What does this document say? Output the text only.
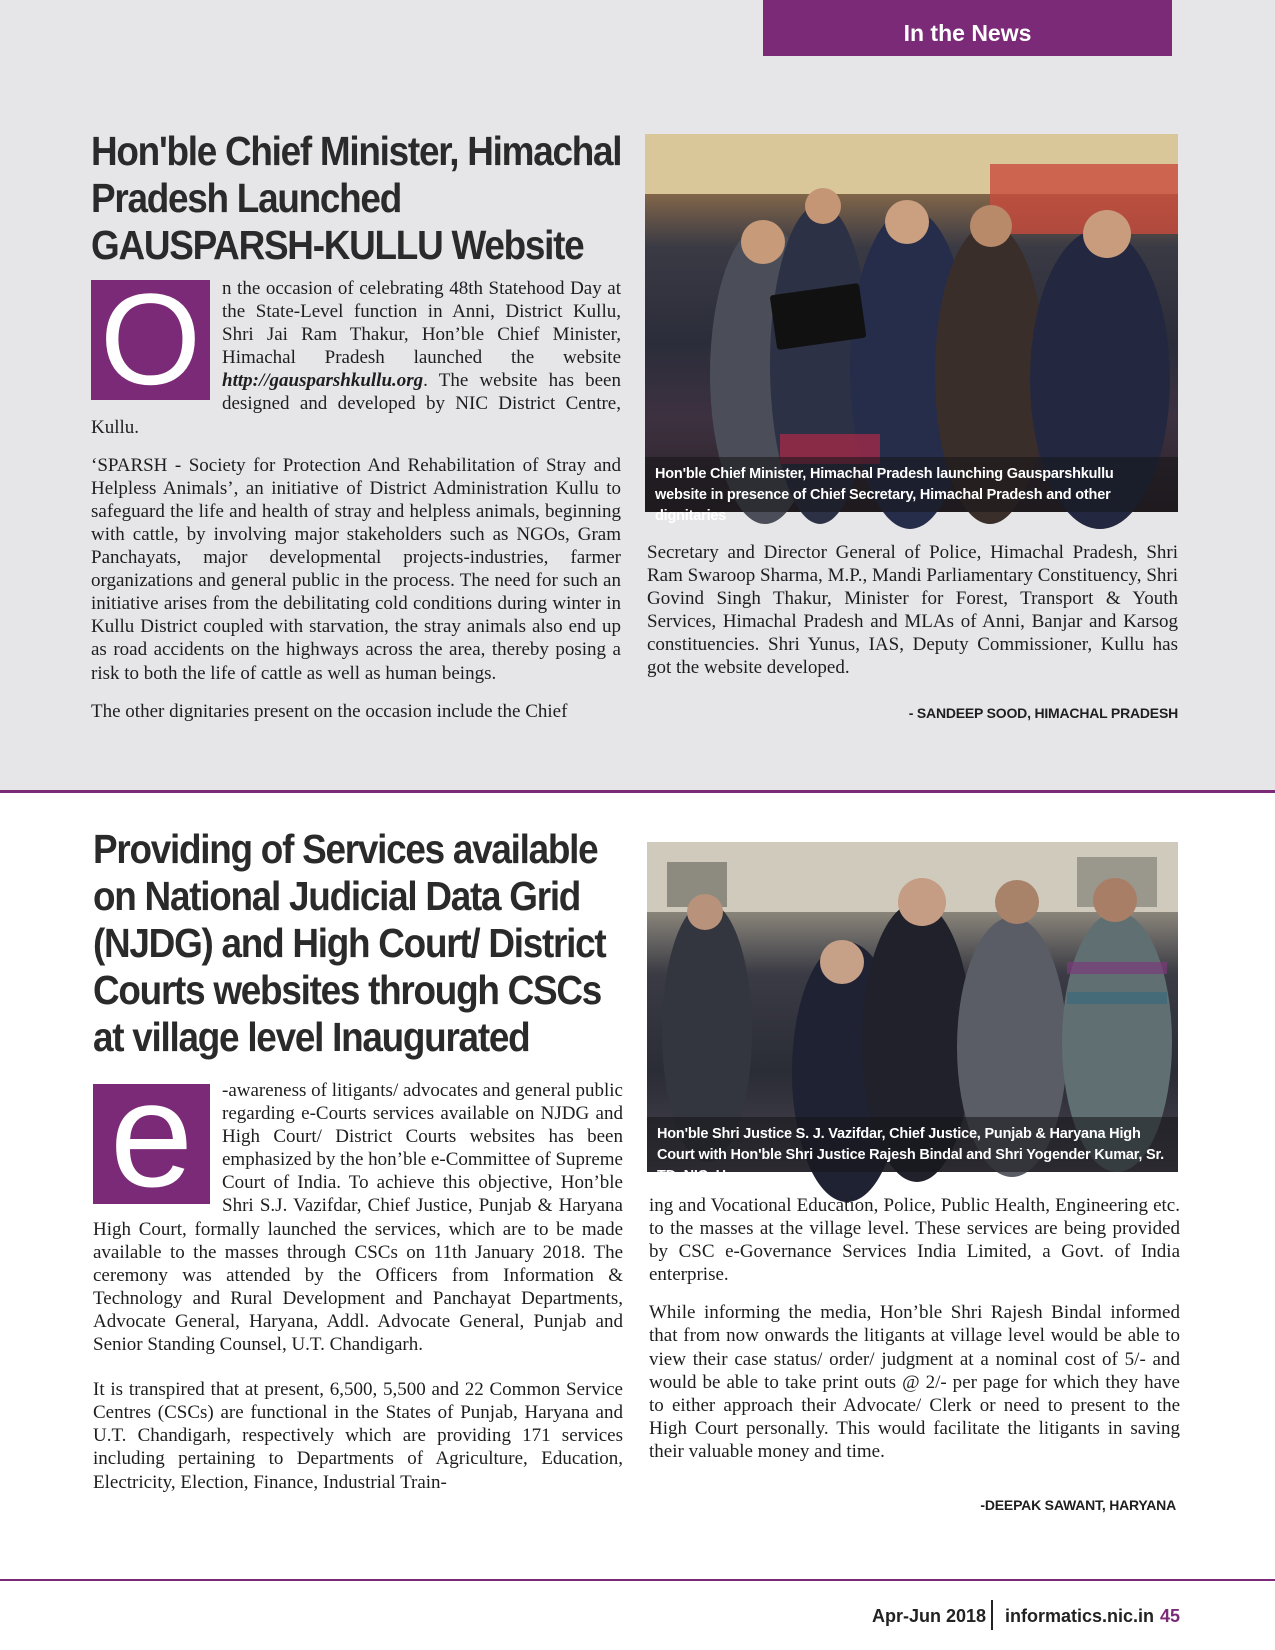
In the News
Hon'ble Chief Minister, Himachal Pradesh Launched GAUSPARSH-KULLU Website
O	n the occasion of celebrating 48th Statehood Day at the State-Level function in Anni, District Kullu, Shri Jai Ram Thakur, Hon’ble Chief Minister, Himachal Pradesh launched the website http://gausparshkullu.org. The website has been designed and developed by NIC District Centre, Kullu.

‘SPARSH - Society for Protection And Rehabilitation of Stray and Helpless Animals’, an initiative of District Administration Kullu to safeguard the life and health of stray and helpless animals, beginning with cattle, by involving major stakeholders such as NGOs, Gram Panchayats, major developmental projects-industries, farmer organizations and general public in the process. The need for such an initiative arises from the debilitating cold conditions during winter in Kullu District coupled with starvation, the stray animals also end up as road accidents on the highways across the area, thereby posing a risk to both the life of cattle as well as human beings.

The other dignitaries present on the occasion include the Chief

Hon'ble Chief Minister, Himachal Pradesh launching Gausparshkullu website in presence of Chief Secretary, Himachal Pradesh and other dignitaries

Secretary and Director General of Police, Himachal Pradesh, Shri Ram Swaroop Sharma, M.P., Mandi Parliamentary Constituency, Shri Govind Singh Thakur, Minister for Forest, Transport & Youth Services, Himachal Pradesh and MLAs of Anni, Banjar and Karsog constituencies. Shri Yunus, IAS, Deputy Commissioner, Kullu has got the website developed.

- SANDEEP SOOD, HIMACHAL PRADESH
Providing of Services available on National Judicial Data Grid (NJDG) and High Court/ District Courts websites through CSCs at village level Inaugurated
e	-awareness of litigants/ advocates and general public regarding e-Courts services available on NJDG and High Court/ District Courts websites has been emphasized by the hon’ble e-Committee of Supreme Court of India. To achieve this objective, Hon’ble Shri S.J. Vazifdar, Chief Justice, Punjab & Haryana High Court, formally launched the services, which are to be made available to the masses through CSCs on 11th January 2018. The ceremony was attended by the Officers from Information & Technology and Rural Development and Panchayat Departments, Advocate General, Haryana, Addl. Advocate General, Punjab and Senior Standing Counsel, U.T. Chandigarh.

It is transpired that at present, 6,500, 5,500 and 22 Common Service Centres (CSCs) are functional in the States of Punjab, Haryana and U.T. Chandigarh, respectively which are providing 171 services including pertaining to Departments of Agriculture, Education, Electricity, Election, Finance, Industrial Train-

Hon'ble Shri Justice S. J. Vazifdar, Chief Justice, Punjab & Haryana High Court with Hon'ble Shri Justice Rajesh Bindal and Shri Yogender Kumar, Sr. TD, NIC, Haryana

ing and Vocational Education, Police, Public Health, Engineering etc. to the masses at the village level. These services are being provided by CSC e-Governance Services India Limited, a Govt. of India enterprise.

While informing the media, Hon’ble Shri Rajesh Bindal informed that from now onwards the litigants at village level would be able to view their case status/ order/ judgment at a nominal cost of 5/- and would be able to take print outs @ 2/- per page for which they have to either approach their Advocate/ Clerk or need to present to the High Court personally. This would facilitate the litigants in saving their valuable money and time.

-DEEPAK SAWANT, HARYANA
Apr-Jun 2018 informatics.nic.in 45
